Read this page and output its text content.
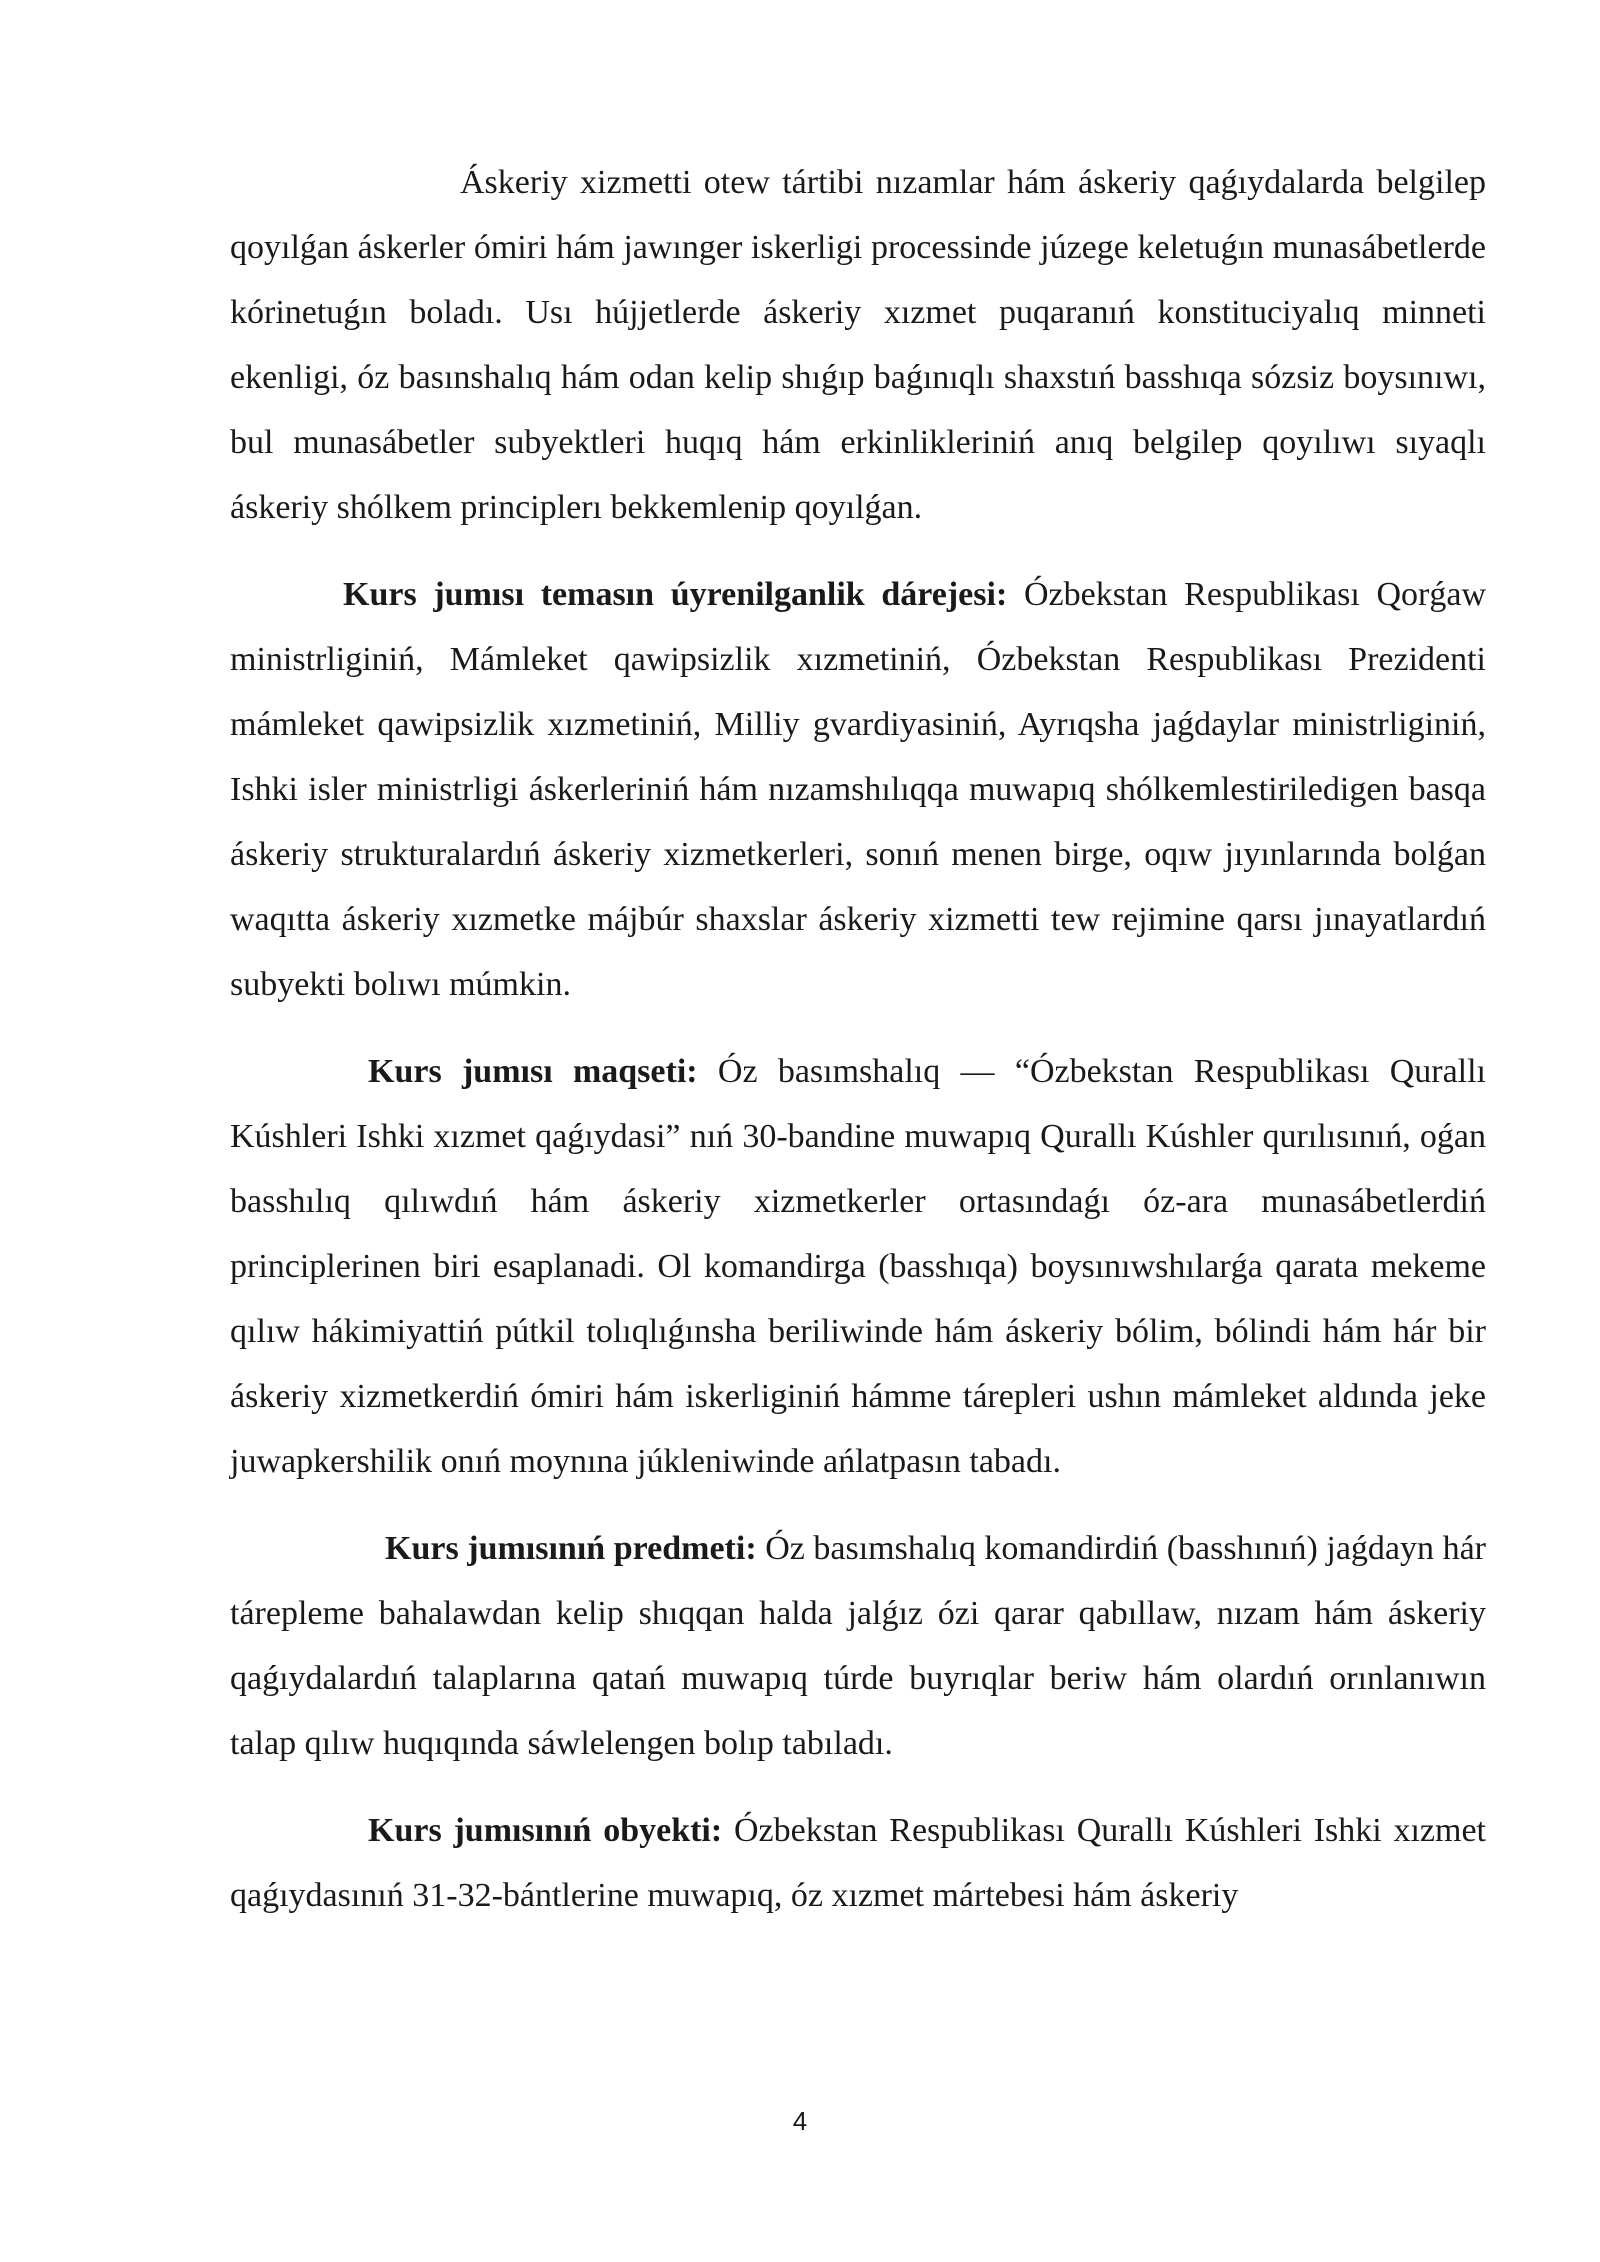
Áskeriy xizmetti otew tártibi nızamlar hám áskeriy qaǵıydalarda belgilep qoyılǵan áskerler ómiri hám jawınger iskerligi processinde júzege keletuǵın munasábetlerde kórinetuǵın boladı. Usı hújjetlerde áskeriy xızmet puqaranıń konstituciyalıq minneti ekenligi, óz basınshalıq hám odan kelip shıǵıp baǵınıqlı shaxstıń basshıqa sózsiz boysınıwı, bul munasábetler subyektleri huqıq hám erkinlikleriniń anıq belgilep qoyılıwı sıyaqlı áskeriy shólkem principlerı bekkemlenip qoyılǵan.

Kurs jumısı temasın úyrenilganlik dárejesi: Ózbekstan Respublikası Qorǵaw ministrligіniń, Mámleket qawipsizlik xızmetiniń, Ózbekstan Respublikası Prezidenti mámleket qawipsizlik xızmetiniń, Milliy gvardiyasiniń, Ayrıqsha jaǵdaylar ministrliginiń, Ishki isler ministrligi áskerleriniń hám nızamshılıqqa muwapıq shólkemlestiriledigen basqa áskeriy strukturalardıń áskeriy xizmetkerleri, sonıń menen birge, oqıw jıyınlarında bolǵan waqıtta áskeriy xızmetke májbúr shaxslar áskeriy xizmetti tew rejimine qarsı jınayatlardıń subyekti bolıwı múmkin.

Kurs jumısı maqseti: Óz basımshalıq — “Ózbekstan Respublikası Qurallı Kúshleri Ishki xızmet qaǵıydasi” nıń 30-bandine muwapıq Qurallı Kúshler qurılısınıń, oǵan basshılıq qılıwdıń hám áskeriy xizmetkerler ortasındaǵı óz-ara munasábetlerdiń principlerinen biri esaplanadi. Ol komandirga (basshıqa) boysınıwshılarǵa qarata mekeme qılıw hákimiyattiń pútkil tolıqlıǵınsha beriliwinde hám áskeriy bólim, bólindi hám hár bir áskeriy xizmetkerdiń ómiri hám iskerliginiń hámme tárepleri ushın mámleket aldında jeke juwapkershilik onıń moynına júkleniwinde ańlatpasın tabadı.

Kurs jumısınıń predmeti: Óz basımshalıq komandirdiń (basshınıń) jaǵdayn hár tárepleme bahalawdan kelip shıqqan halda jalǵız ózi qarar qabıllaw, nızam hám áskeriy qaǵıydalardıń talaplarına qatań muwapıq túrde buyrıqlar beriw hám olardıń orınlanıwın talap qılıw huqıqında sáwlelengen bolıp tabıladı.

Kurs jumısınıń obyekti: Ózbekstan Respublikası Qurallı Kúshleri Ishki xızmet qaǵıydasınıń 31-32-bántlerine muwapıq, óz xızmet mártebesi hám áskeriy

4
